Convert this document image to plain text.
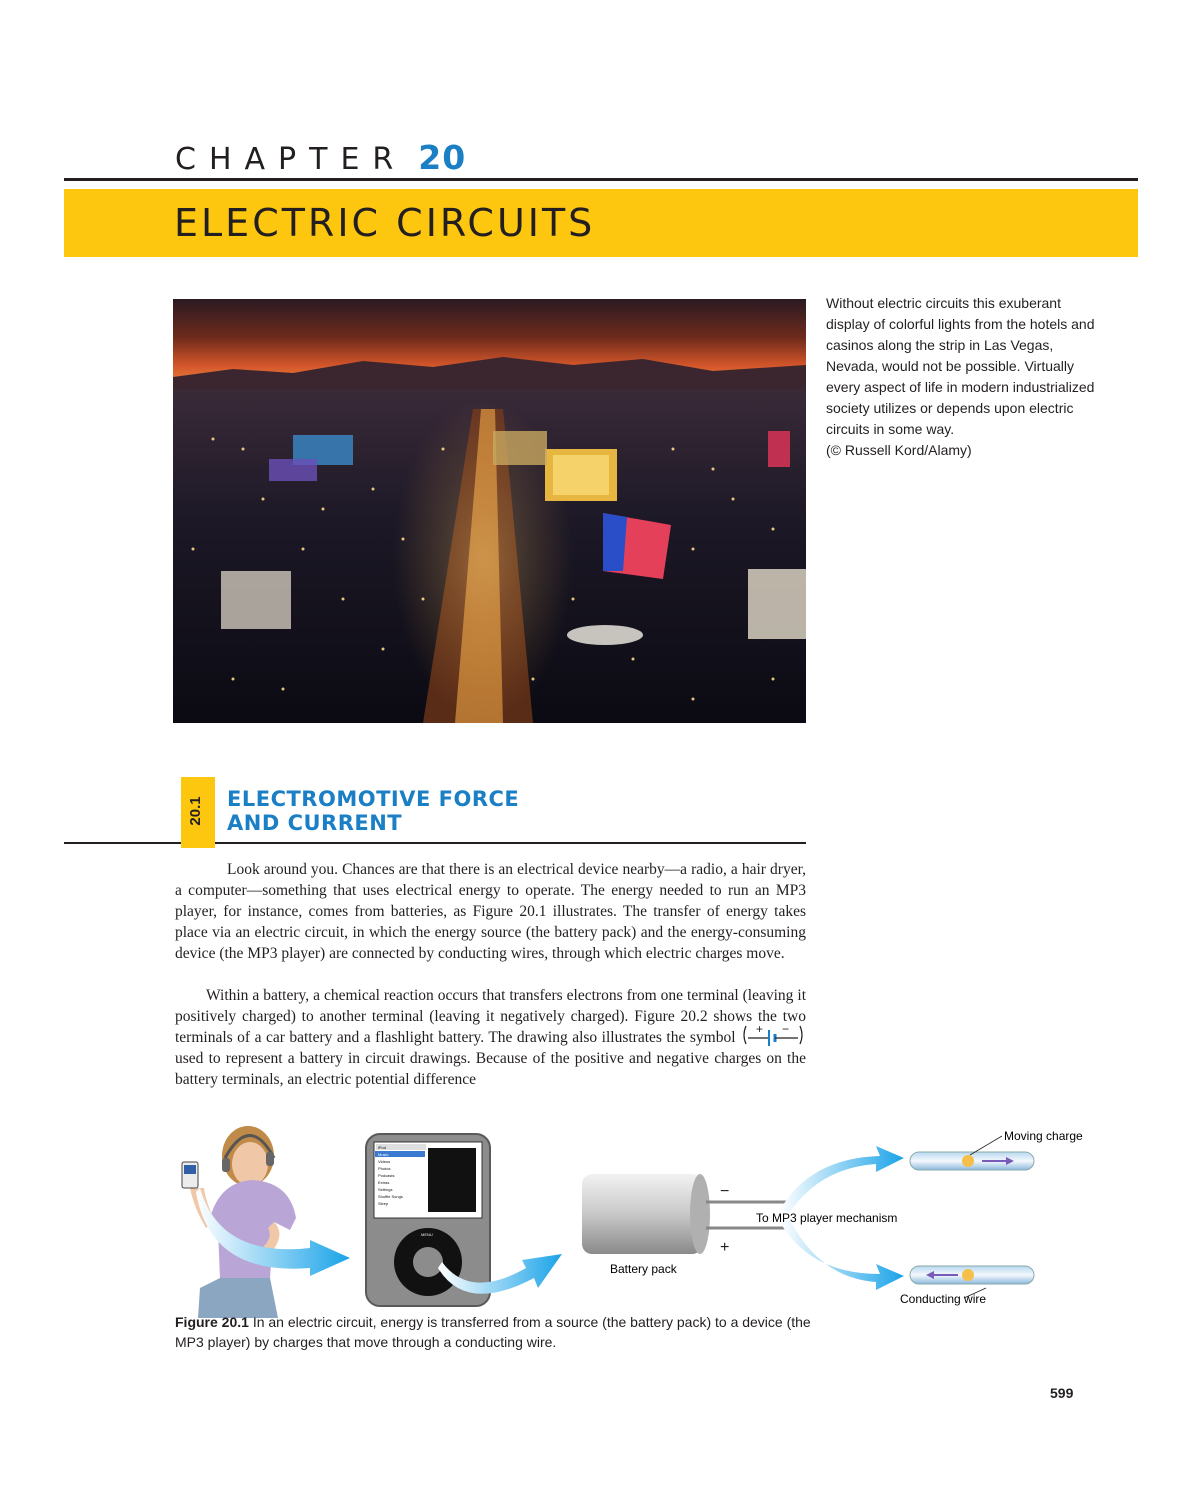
CHAPTER 20
ELECTRIC CIRCUITS
Without electric circuits this exuberant display of colorful lights from the hotels and casinos along the strip in Las Vegas, Nevada, would not be possible. Virtually every aspect of life in modern industrialized society utilizes or depends upon electric circuits in some way.
(© Russell Kord/Alamy)
20.1 ELECTROMOTIVE FORCE
AND CURRENT

Look around you. Chances are that there is an electrical device nearby—a radio, a hair dryer, a computer—something that uses electrical energy to operate. The energy needed to run an MP3 player, for instance, comes from batteries, as Figure 20.1 illustrates. The transfer of energy takes place via an electric circuit, in which the energy source (the battery pack) and the energy-consuming device (the MP3 player) are connected by conducting wires, through which electric charges move.

Within a battery, a chemical reaction occurs that transfers electrons from one terminal (leaving it positively charged) to another terminal (leaving it negatively charged). Figure 20.2 shows the two terminals of a car battery and a flashlight battery. The drawing also illustrates the symbol + −
used to represent a battery in circuit drawings. Because of the positive and negative charges on the battery terminals, an electric potential difference

iPod
Music
Videos
Photos
Podcasts
Extras
Settings
Shuffle Songs
Sleep
MENU
−
+
Battery pack
To MP3 player mechanism
Moving charge
Conducting wire
Figure 20.1 In an electric circuit, energy is transferred from a source (the battery pack) to a device (the MP3 player) by charges that move through a conducting wire.
599
